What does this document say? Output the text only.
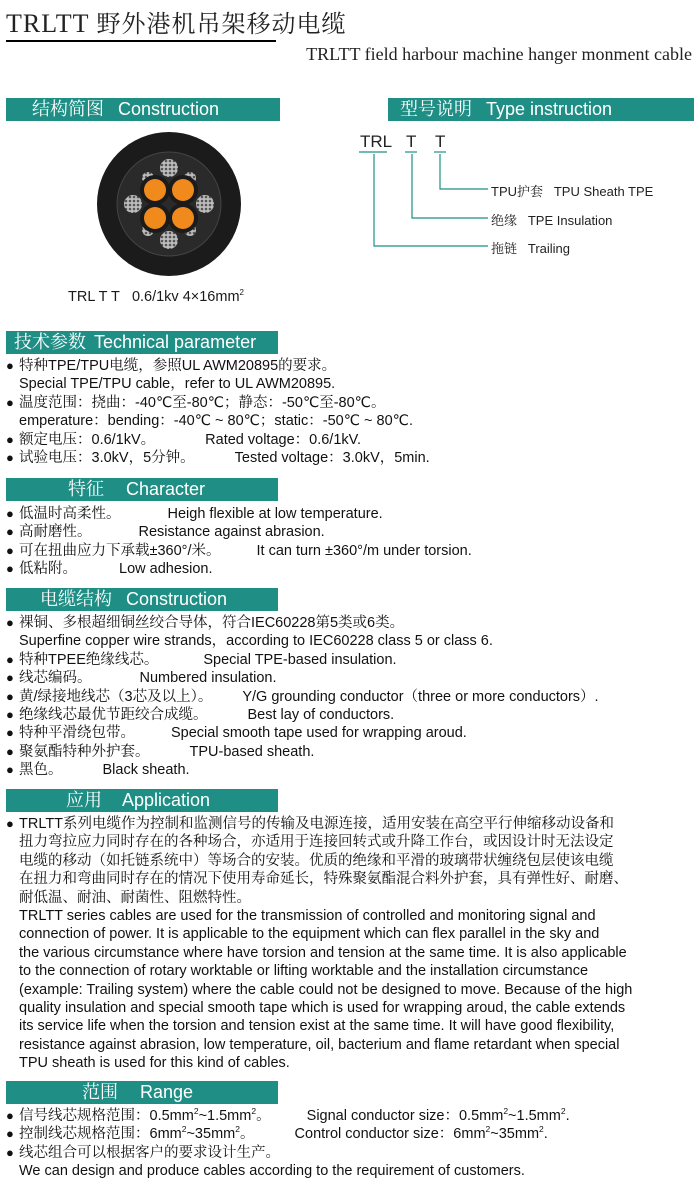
TRLTT 野外港机吊架移动电缆
TRLTT field harbour machine hanger monment cable
结构简图 Construction	型号说明 Type instruction
TRL T T 0.6/1kv $4\times 16mm^2$
TRL T T
TPU护套 TPU Sheath TPE
绝缘 TPE Insulation
拖链 Trailing
技术参数 Technical parameter
● 特种TPE/TPU电缆，参照UL AWM20895的要求。
Special TPE/TPU cable，refer to UL AWM20895.
● 温度范围：挠曲：-40℃至-80℃；静态：-50℃至-80℃。
emperature：bending：-40℃ ~ 80℃；static：-50℃ ~ 80℃.
● 额定电压：0.6/1kV。	Rated voltage：0.6/1kV.
● 试验电压：3.0kV，5分钟。	Tested voltage：3.0kV，5min.
特征 Character
● 低温时高柔性。	Heigh flexible at low temperature.
● 高耐磨性。	Resistance against abrasion.
● 可在扭曲应力下承载±360°/米。 It can turn ±360°/m under torsion.
● 低粘附。	Low adhesion.
电缆结构 Construction
● 裸铜、多根超细铜丝绞合导体，符合IEC60228第5类或6类。
Superfine copper wire strands，according to IEC60228 class 5 or class 6.
● 特种TPEE绝缘线芯。	Special TPE-based insulation.
● 线芯编码。	Numbered insulation.
● 黄/绿接地线芯（3芯及以上）。 Y/G grounding conductor（three or more conductors）.
● 绝缘线芯最优节距绞合成缆。	Best lay of conductors.
● 特种平滑绕包带。 Special smooth tape used for wrapping aroud.
● 聚氨酯特种外护套。	TPU-based sheath.
● 黑色。	Black sheath.
应用 Application
● TRLTT系列电缆作为控制和监测信号的传输及电源连接，适用安装在高空平行伸缩移动设备和
扭力弯拉应力同时存在的各种场合，亦适用于连接回转式或升降工作台，或因设计时无法设定
电缆的移动（如托链系统中）等场合的安装。优质的绝缘和平滑的玻璃带状缠绕包层使该电缆
在扭力和弯曲同时存在的情况下使用寿命延长，特殊聚氨酯混合料外护套，具有弹性好、耐磨、
耐低温、耐油、耐菌性、阻燃特性。
TRLTT series cables are used for the transmission of controlled and monitoring signal and
connection of power. It is applicable to the equipment which can flex parallel in the sky and
the various circumstance where have torsion and tension at the same time. It is also applicable
to the connection of rotary worktable or lifting worktable and the installation circumstance
(example: Trailing system) where the cable could not be designed to move. Because of the high
quality insulation and special smooth tape which is used for wrapping aroud, the cable extends
its service life when the torsion and tension exist at the same time. It will have good flexibility,
resistance against abrasion, low temperature, oil, bacterium and flame retardant when special
TPU sheath is used for this kind of cables.
范围 Range
● 信号线芯规格范围：$0.5mm^2\sim 1.5mm^2$。 Signal conductor size：$0.5mm^2\sim 1.5mm^2$.
● 控制线芯规格范围：$6mm^2\sim 35mm^2$。	Control conductor size：$6mm^2\sim 35mm^2$.
● 线芯组合可以根据客户的要求设计生产。
We can design and produce cables according to the requirement of customers.
